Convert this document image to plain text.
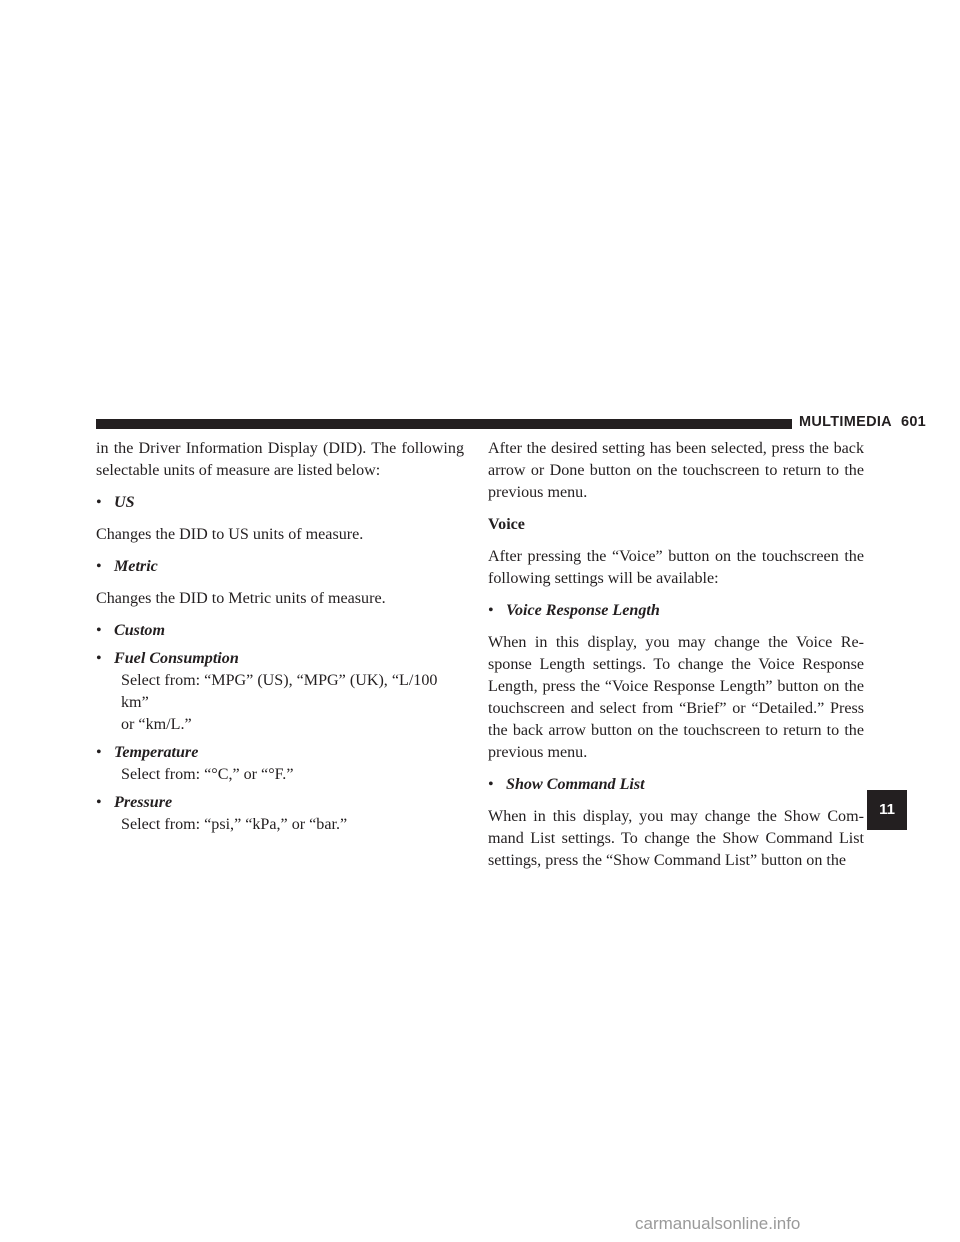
MULTIMEDIA 601

in the Driver Information Display (DID). The following selectable units of measure are listed below:

• US

Changes the DID to US units of measure.

• Metric

Changes the DID to Metric units of measure.

• Custom
• Fuel Consumption
Select from: “MPG” (US), “MPG” (UK), “L/100 km”
or “km/L.”
• Temperature
Select from: “°C,” or “°F.”
• Pressure
Select from: “psi,” “kPa,” or “bar.”

After the desired setting has been selected, press the back arrow or Done button on the touchscreen to return to the previous menu.

Voice

After pressing the “Voice” button on the touchscreen the following settings will be available:

• Voice Response Length

When in this display, you may change the Voice Re-sponse Length settings. To change the Voice Response Length, press the “Voice Response Length” button on the touchscreen and select from “Brief” or “Detailed.” Press the back arrow button on the touchscreen to return to the previous menu.

• Show Command List

When in this display, you may change the Show Com-mand List settings. To change the Show Command List settings, press the “Show Command List” button on the

11
carmanualsonline.info
